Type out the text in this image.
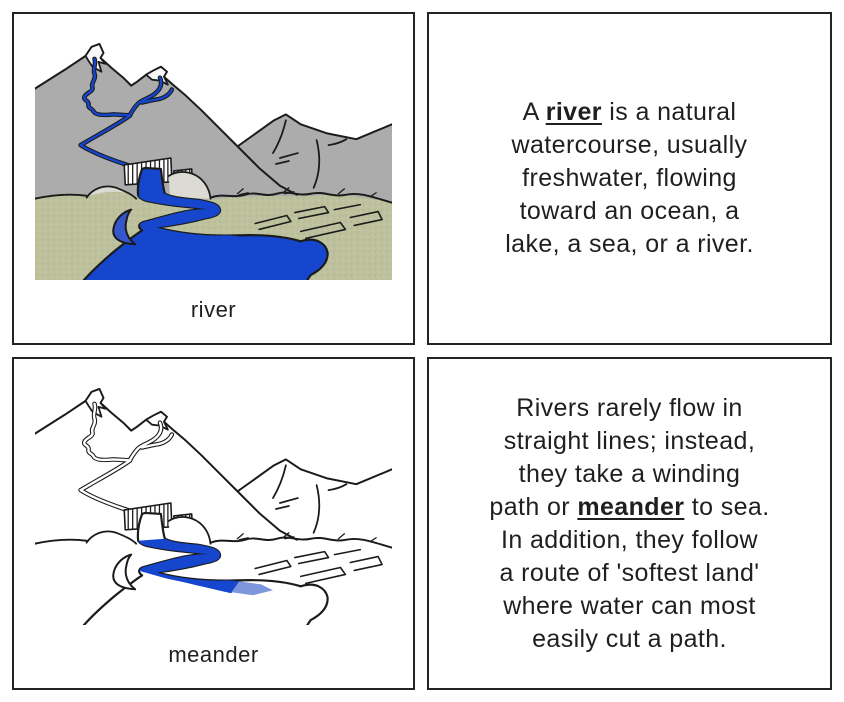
river
A river is a natural
watercourse, usually
freshwater, flowing
toward an ocean, a
lake, a sea, or a river.
meander
Rivers rarely flow in
straight lines; instead,
they take a winding
path or meander to sea.
In addition, they follow
a route of 'softest land'
where water can most
easily cut a path.
